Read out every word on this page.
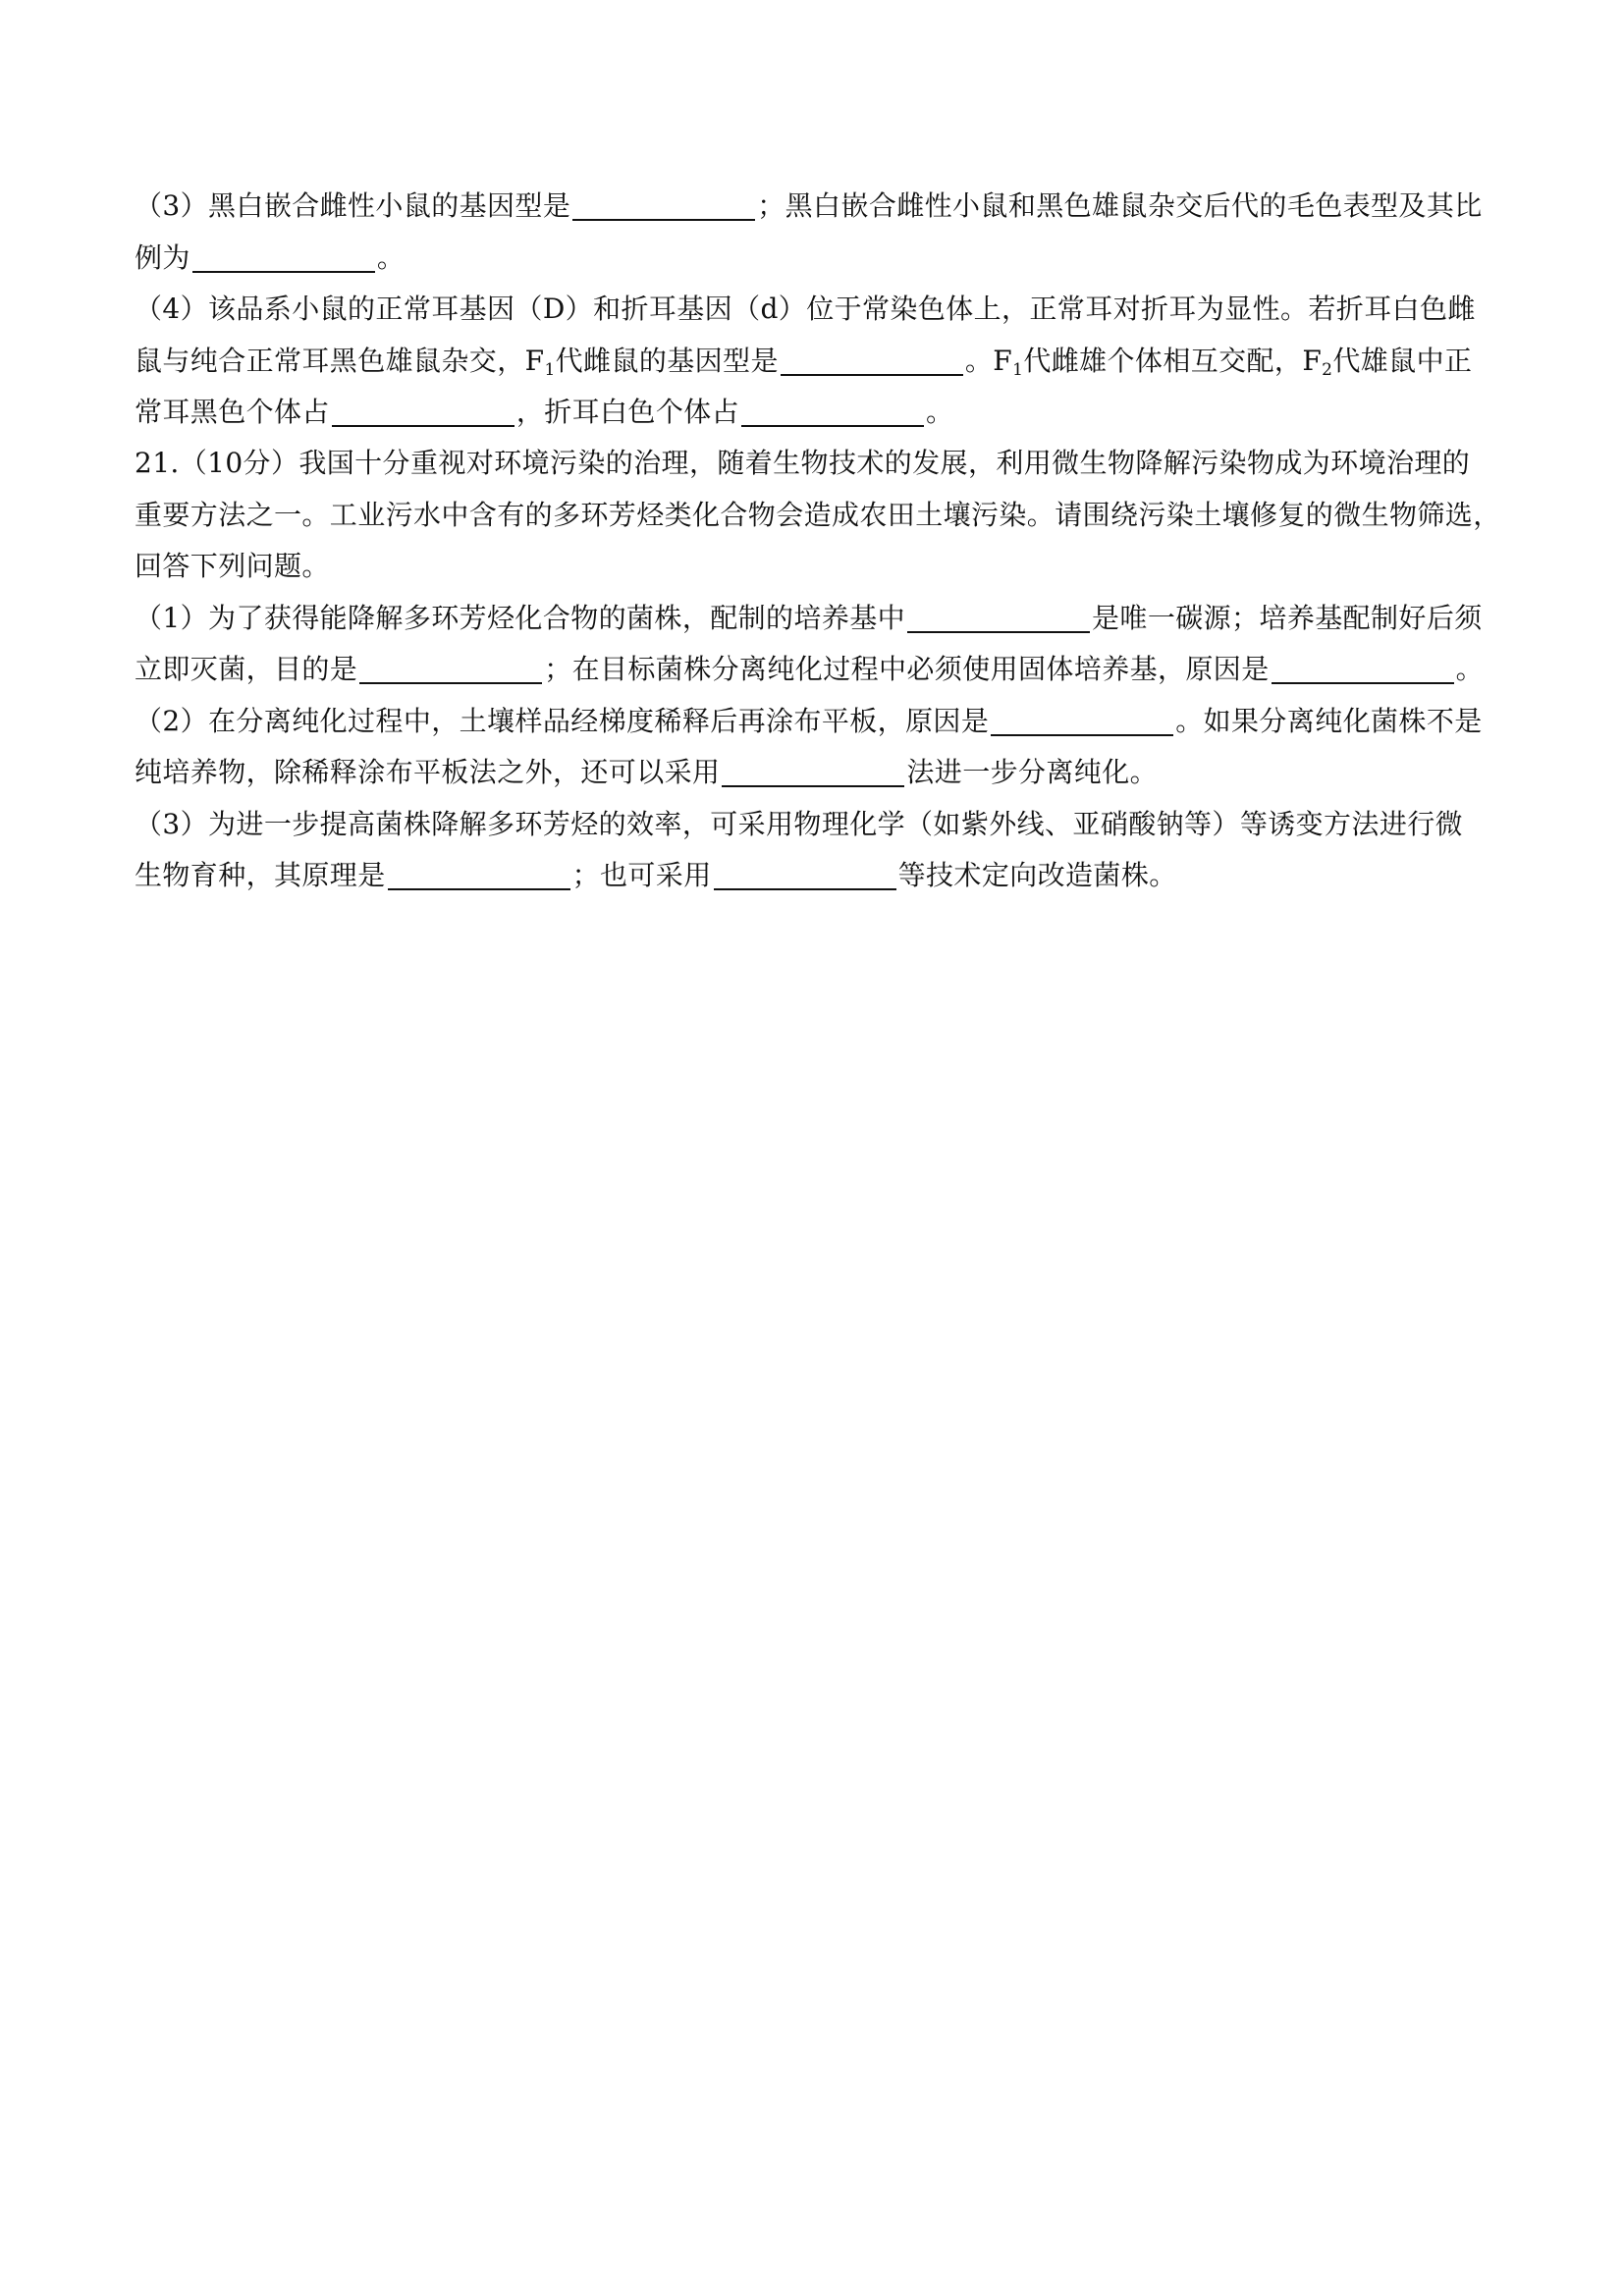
（3）黑白嵌合雌性小鼠的基因型是	；黑白嵌合雌性小鼠和黑色雄鼠杂交后代的毛色表型及其比
例为	。
（4）该品系小鼠的正常耳基因（D）和折耳基因（d）位于常染色体上，正常耳对折耳为显性。若折耳白色雌
鼠与纯合正常耳黑色雄鼠杂交，$F_1$代雌鼠的基因型是	。$F_1$代雌雄个体相互交配，$F_2$代雄鼠中正
常耳黑色个体占	，折耳白色个体占	。
21.（10分）我国十分重视对环境污染的治理，随着生物技术的发展，利用微生物降解污染物成为环境治理的
重要方法之一。工业污水中含有的多环芳烃类化合物会造成农田土壤污染。请围绕污染土壤修复的微生物筛选，
回答下列问题。
（1）为了获得能降解多环芳烃化合物的菌株，配制的培养基中	是唯一碳源；培养基配制好后须
立即灭菌，目的是	；在目标菌株分离纯化过程中必须使用固体培养基，原因是	。
（2）在分离纯化过程中，土壤样品经梯度稀释后再涂布平板，原因是	。如果分离纯化菌株不是
纯培养物，除稀释涂布平板法之外，还可以采用	法进一步分离纯化。
（3）为进一步提高菌株降解多环芳烃的效率，可采用物理化学（如紫外线、亚硝酸钠等）等诱变方法进行微
生物育种，其原理是	；也可采用	等技术定向改造菌株。
